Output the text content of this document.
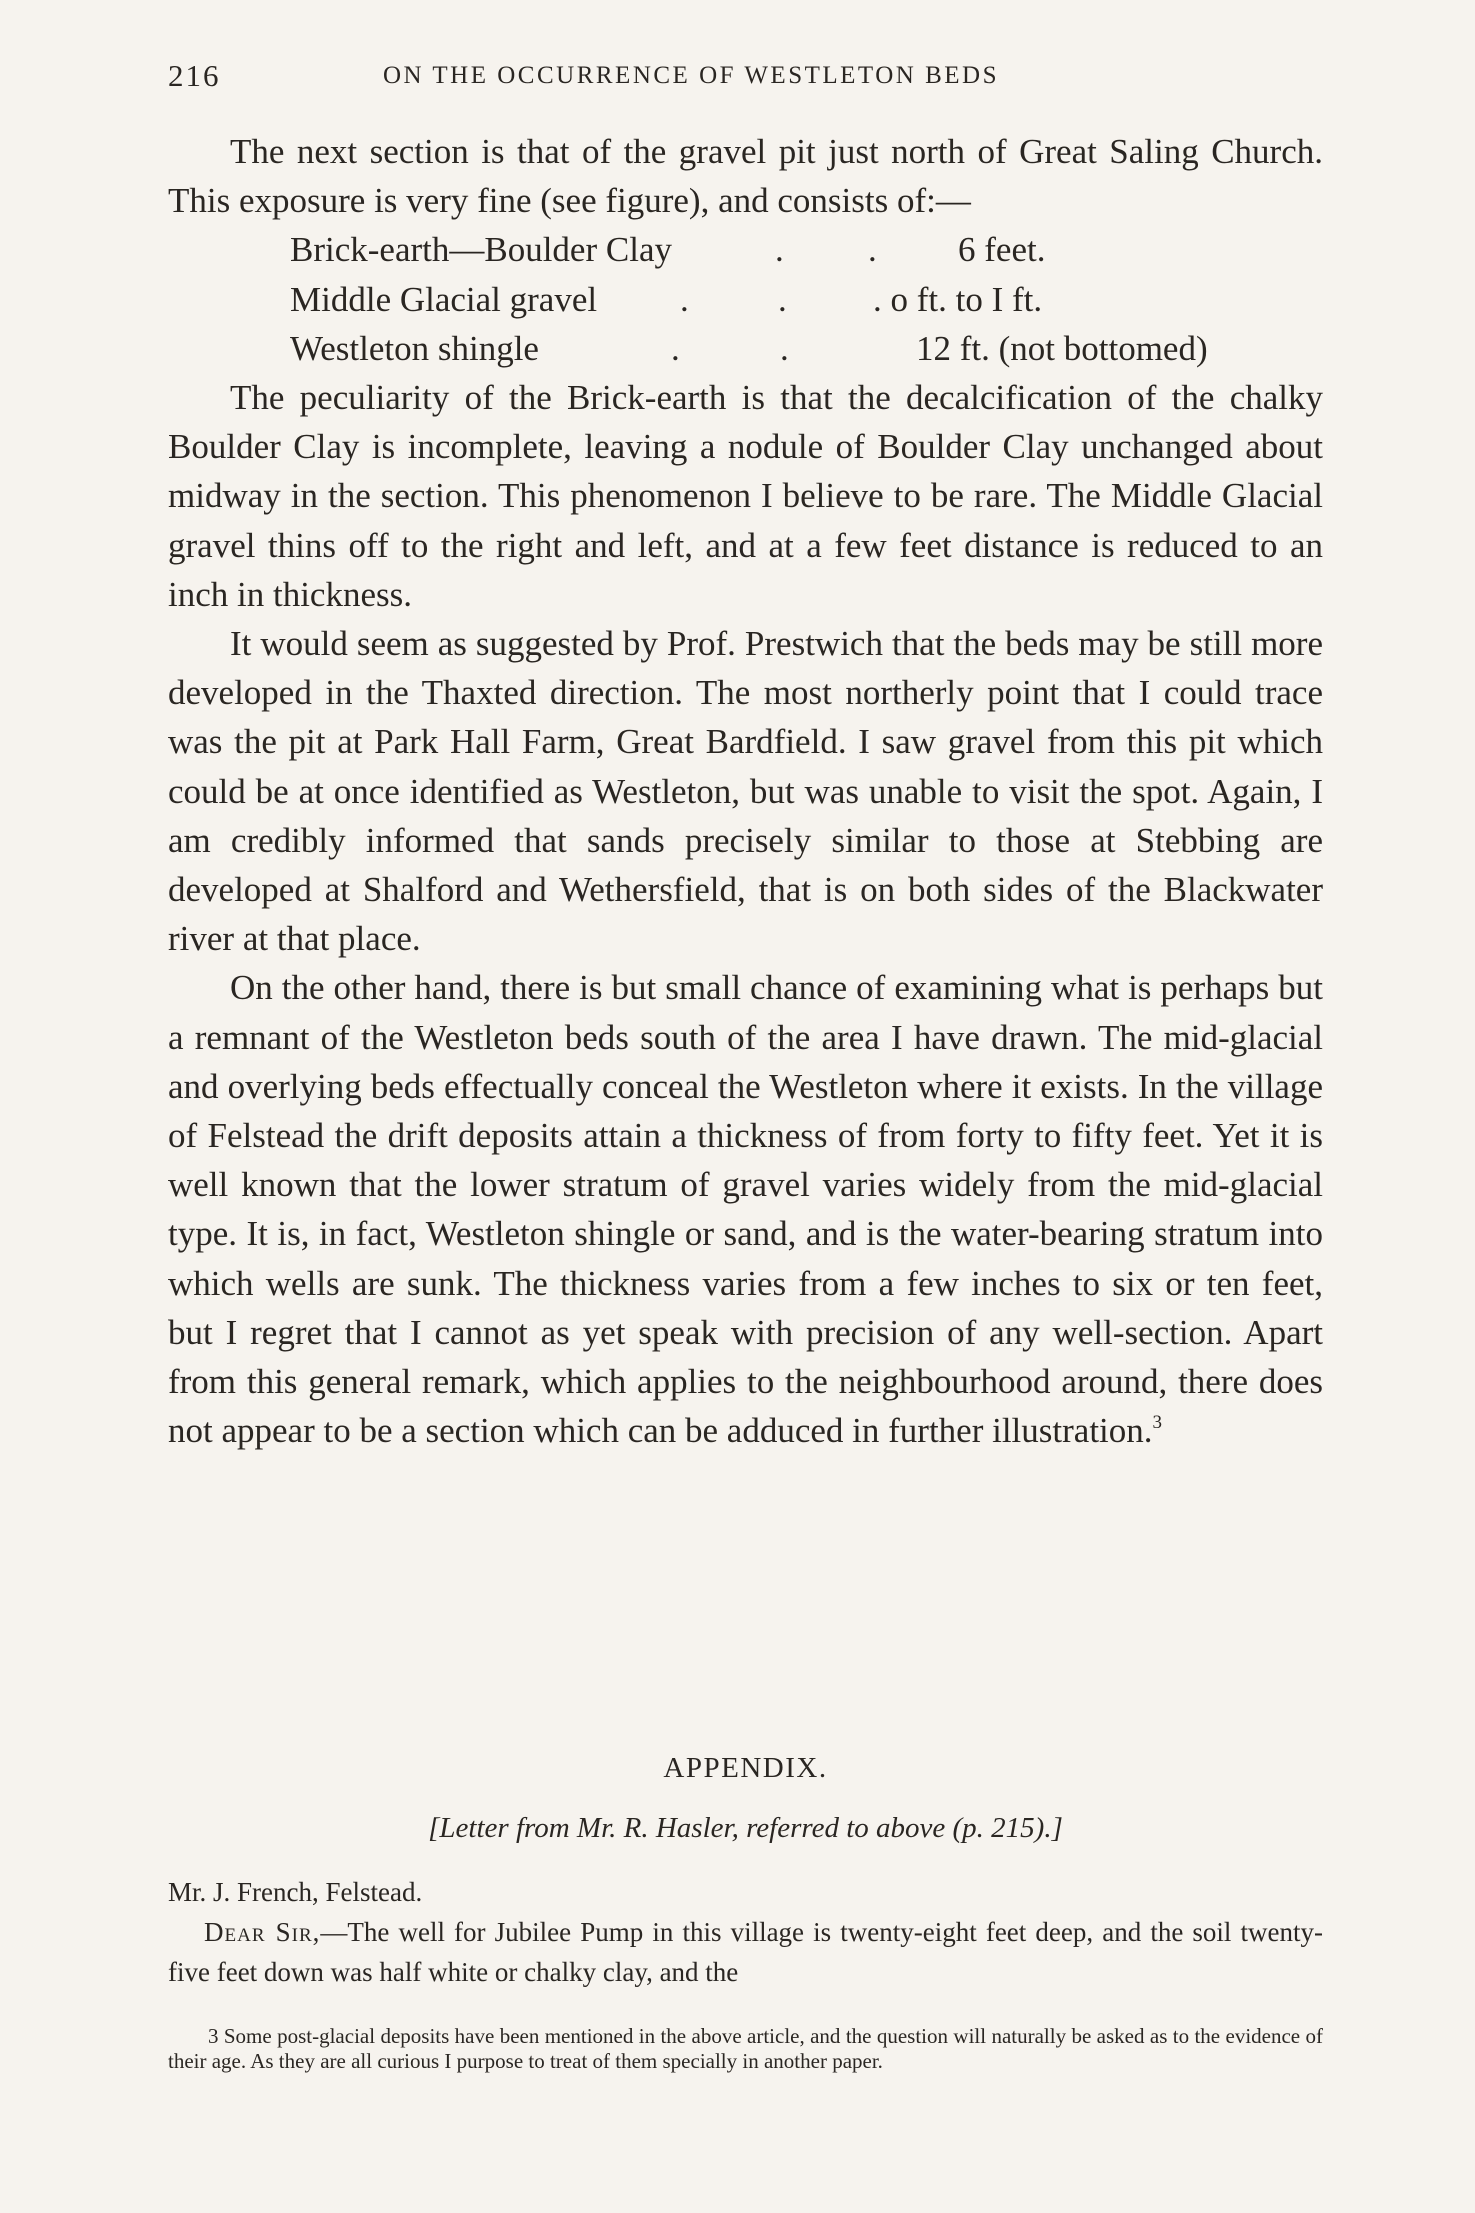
216	ON THE OCCURRENCE OF WESTLETON BEDS

The next section is that of the gravel pit just north of Great Saling Church. This exposure is very fine (see figure), and consists of:—

Brick-earth—Boulder Clay	. . 6 feet.
Middle Glacial gravel .	. . o ft. to I ft.
Westleton shingle	.	.	12 ft. (not bottomed)

The peculiarity of the Brick-earth is that the decalcification of the chalky Boulder Clay is incomplete, leaving a nodule of Boulder Clay unchanged about midway in the section. This phenomenon I believe to be rare. The Middle Glacial gravel thins off to the right and left, and at a few feet distance is reduced to an inch in thickness.

It would seem as suggested by Prof. Prestwich that the beds may be still more developed in the Thaxted direction. The most northerly point that I could trace was the pit at Park Hall Farm, Great Bardfield. I saw gravel from this pit which could be at once identified as Westleton, but was unable to visit the spot. Again, I am credibly informed that sands precisely similar to those at Stebbing are developed at Shalford and Wethersfield, that is on both sides of the Blackwater river at that place.

On the other hand, there is but small chance of examining what is perhaps but a remnant of the Westleton beds south of the area I have drawn. The mid-glacial and overlying beds effectually conceal the Westleton where it exists. In the village of Felstead the drift deposits attain a thickness of from forty to fifty feet. Yet it is well known that the lower stratum of gravel varies widely from the mid-glacial type. It is, in fact, Westleton shingle or sand, and is the water-bearing stratum into which wells are sunk. The thickness varies from a few inches to six or ten feet, but I regret that I cannot as yet speak with precision of any well-section. Apart from this general remark, which applies to the neighbourhood around, there does not appear to be a section which can be adduced in further illustration.$^3$

APPENDIX.
[Letter from Mr. R. Hasler, referred to above (p. 215).]

Mr. J. French, Felstead.

Dear Sir,—The well for Jubilee Pump in this village is twenty-eight feet deep, and the soil twenty-five feet down was half white or chalky clay, and the

3 Some post-glacial deposits have been mentioned in the above article, and the question will naturally be asked as to the evidence of their age. As they are all curious I purpose to treat of them specially in another paper.
